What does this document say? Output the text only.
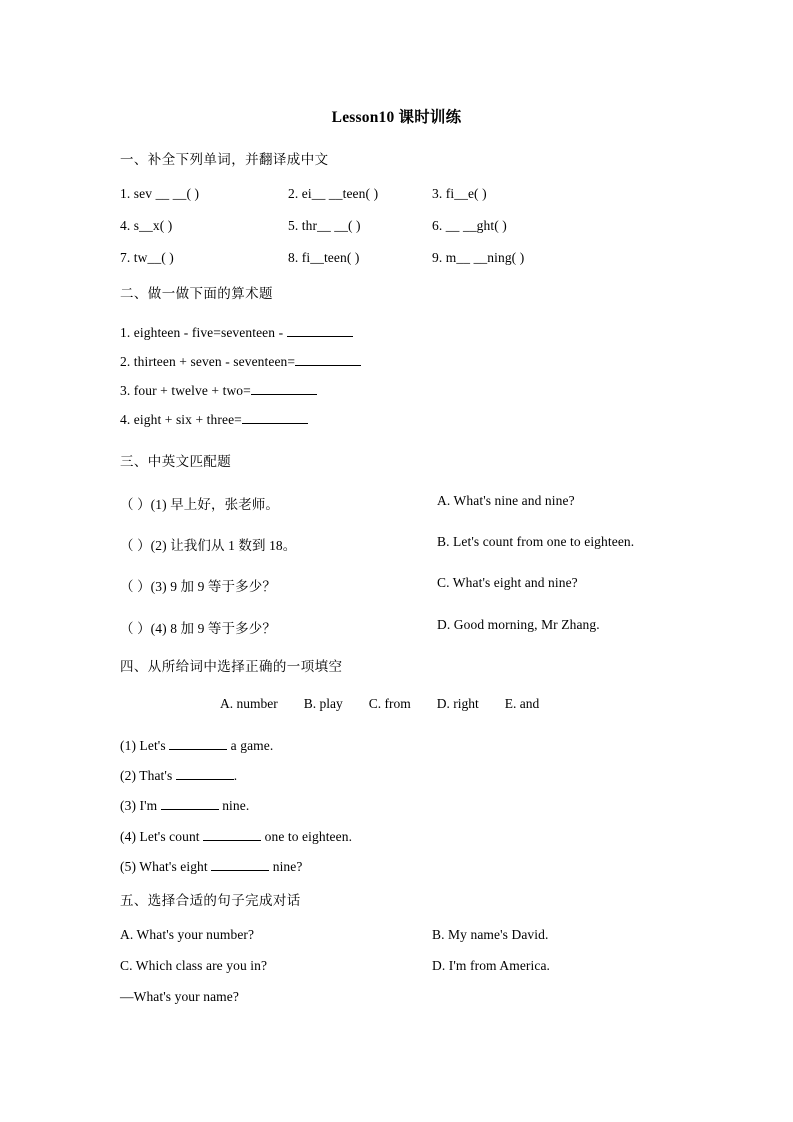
Lesson10 课时训练
一、补全下列单词，并翻译成中文
1. sev __ __( )	2. ei__ __teen( )	3. fi__e( )
4. s__x( )	5. thr__ __( )	6. __ __ght( )
7. tw__( )	8. fi__teen( )	9. m__ __ning( )
二、做一做下面的算术题
1. eighteen - five=seventeen -
2. thirteen + seven - seventeen=
3. four + twelve + two=
4. eight + six + three=
三、中英文匹配题
（ ）(1) 早上好，张老师。	A. What's nine and nine?
（ ）(2) 让我们从 1 数到 18。	B. Let's count from one to eighteen.
（ ）(3) 9 加 9 等于多少？	C. What's eight and nine?
（ ）(4) 8 加 9 等于多少？	D. Good morning, Mr Zhang.
四、从所给词中选择正确的一项填空
A. number B. play C. from D. right E. and
(1) Let's	a game.
(2) That's	.
(3) I'm	nine.
(4) Let's count	one to eighteen.
(5) What's eight	nine?
五、选择合适的句子完成对话
A. What's your number?	B. My name's David.
C. Which class are you in?	D. I'm from America.
—What's your name?
